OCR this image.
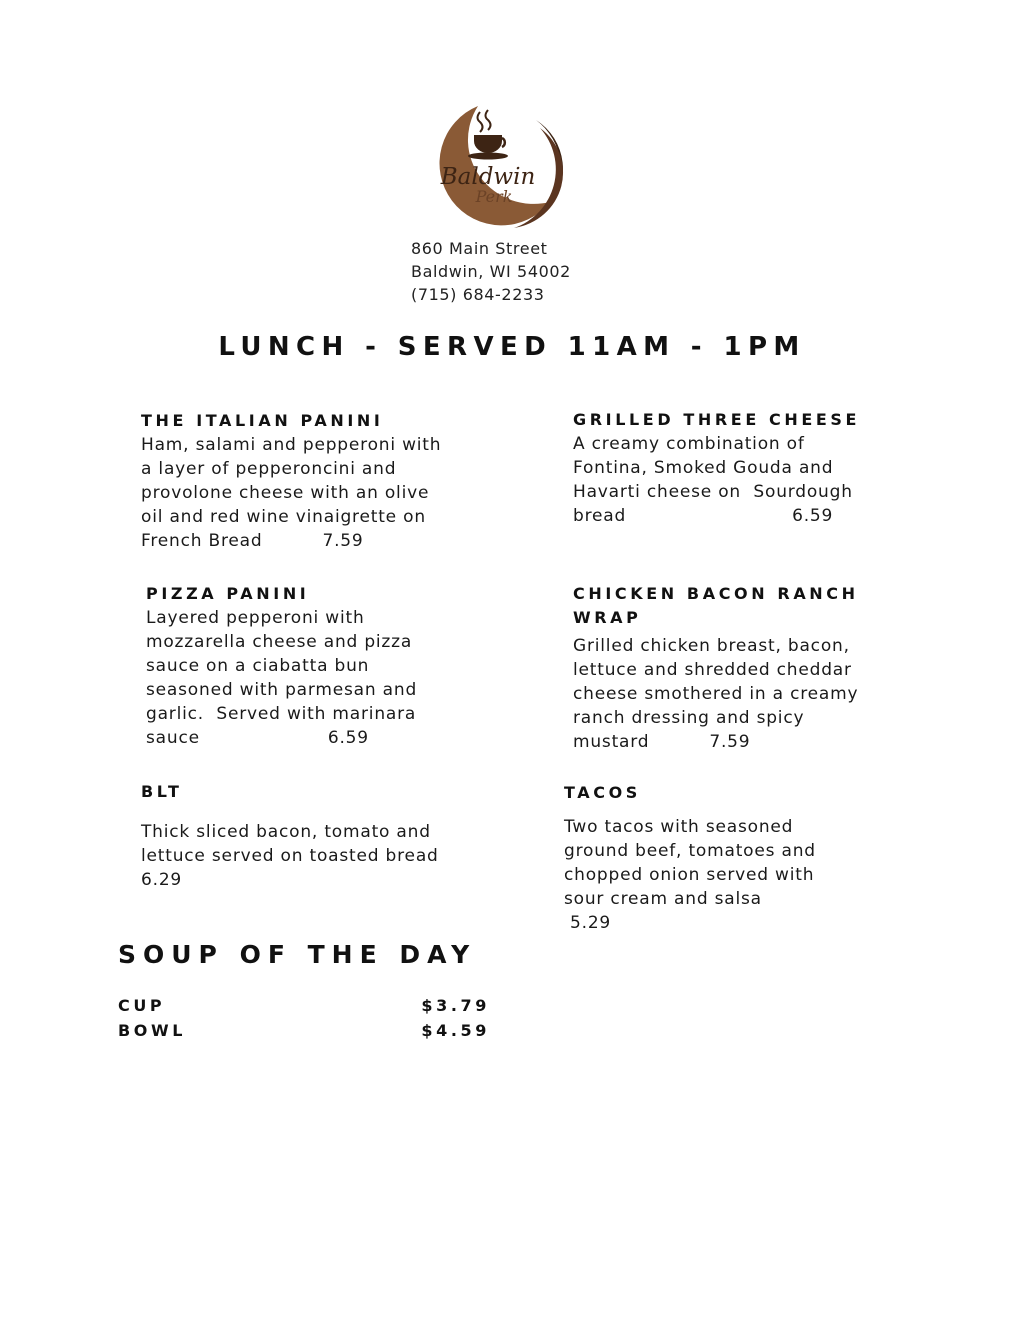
Baldwin
Perk
860 Main Street
Baldwin, WI 54002
(715) 684-2233
LUNCH - SERVED 11AM - 1PM
THE ITALIAN PANINI
Ham, salami and pepperoni with
a layer of pepperoncini and
provolone cheese with an olive
oil and red wine vinaigrette on
French Bread	7.59
GRILLED THREE CHEESE
A creamy combination of
Fontina, Smoked Gouda and
Havarti cheese on  Sourdough
bread	6.59
PIZZA PANINI
Layered pepperoni with
mozzarella cheese and pizza
sauce on a ciabatta bun
seasoned with parmesan and
garlic.  Served with marinara
sauce	6.59
CHICKEN BACON RANCH
WRAP
Grilled chicken breast, bacon,
lettuce and shredded cheddar
cheese smothered in a creamy
ranch dressing and spicy
mustard	7.59
BLT
Thick sliced bacon, tomato and
lettuce served on toasted bread
6.29
TACOS
Two tacos with seasoned
ground beef, tomatoes and
chopped onion served with
sour cream and salsa
5.29
SOUP OF THE DAY
CUP	$3.79
BOWL	$4.59
